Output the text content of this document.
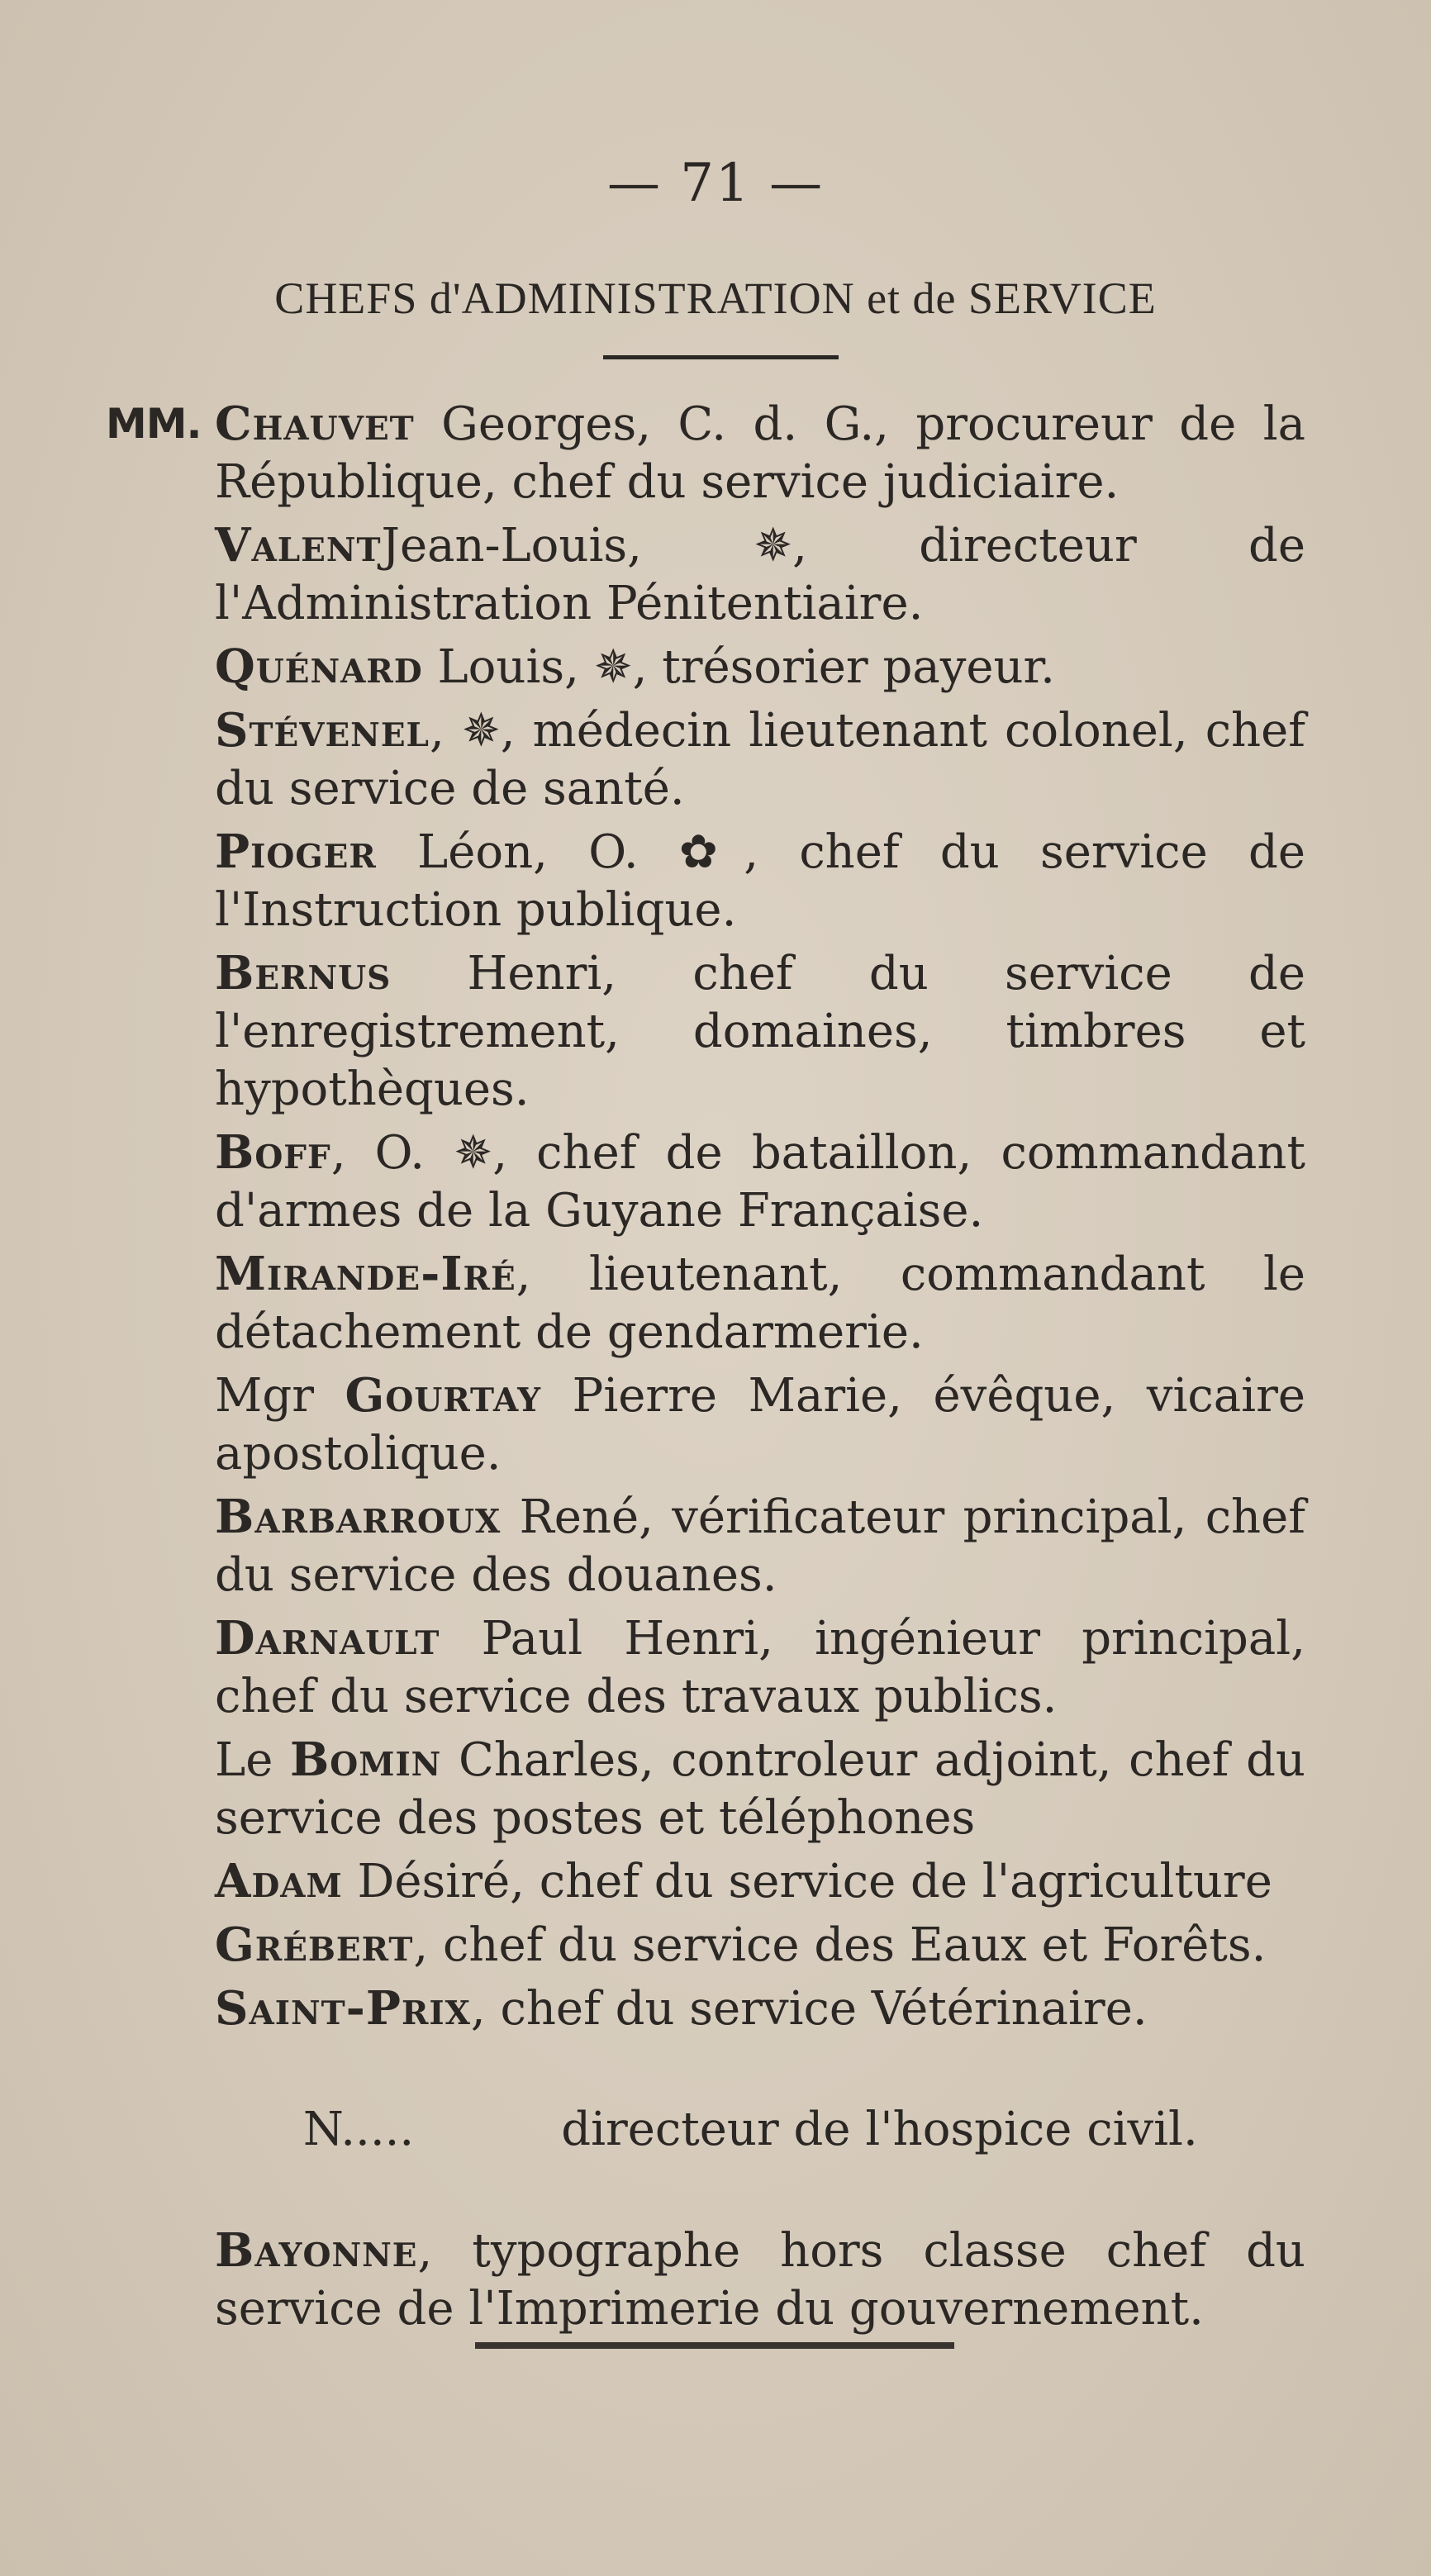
— 71 —
CHEFS d'ADMINISTRATION et de SERVICE
MM. Chauvet Georges, C. d. G., procureur de la République, chef du service judiciaire.
ValentJean-Louis, ✵, directeur de l'Administration Pénitentiaire.
Quénard Louis, ✵, trésorier payeur.
Stévenel, ✵, médecin lieutenant colonel, chef du service de santé.
Pioger Léon, O. ✿, chef du service de l'Instruction publique.
Bernus Henri, chef du service de l'enregistrement, domaines, timbres et hypothèques.
Boff, O. ✵, chef de bataillon, commandant d'armes de la Guyane Française.
Mirande-Iré, lieutenant, commandant le détachement de gendarmerie.
Mgr Gourtay Pierre Marie, évêque, vicaire apostolique.
Barbarroux René, vérificateur principal, chef du service des douanes.
Darnault Paul Henri, ingénieur principal, chef du service des travaux publics.
Le Bomin Charles, controleur adjoint, chef du service des postes et téléphones
Adam Désiré, chef du service de l'agriculture
Grébert, chef du service des Eaux et Forêts.
Saint-Prix, chef du service Vétérinaire.

N.....          directeur de l'hospice civil.

Bayonne, typographe hors classe chef du service de l'Imprimerie du gouvernement.
